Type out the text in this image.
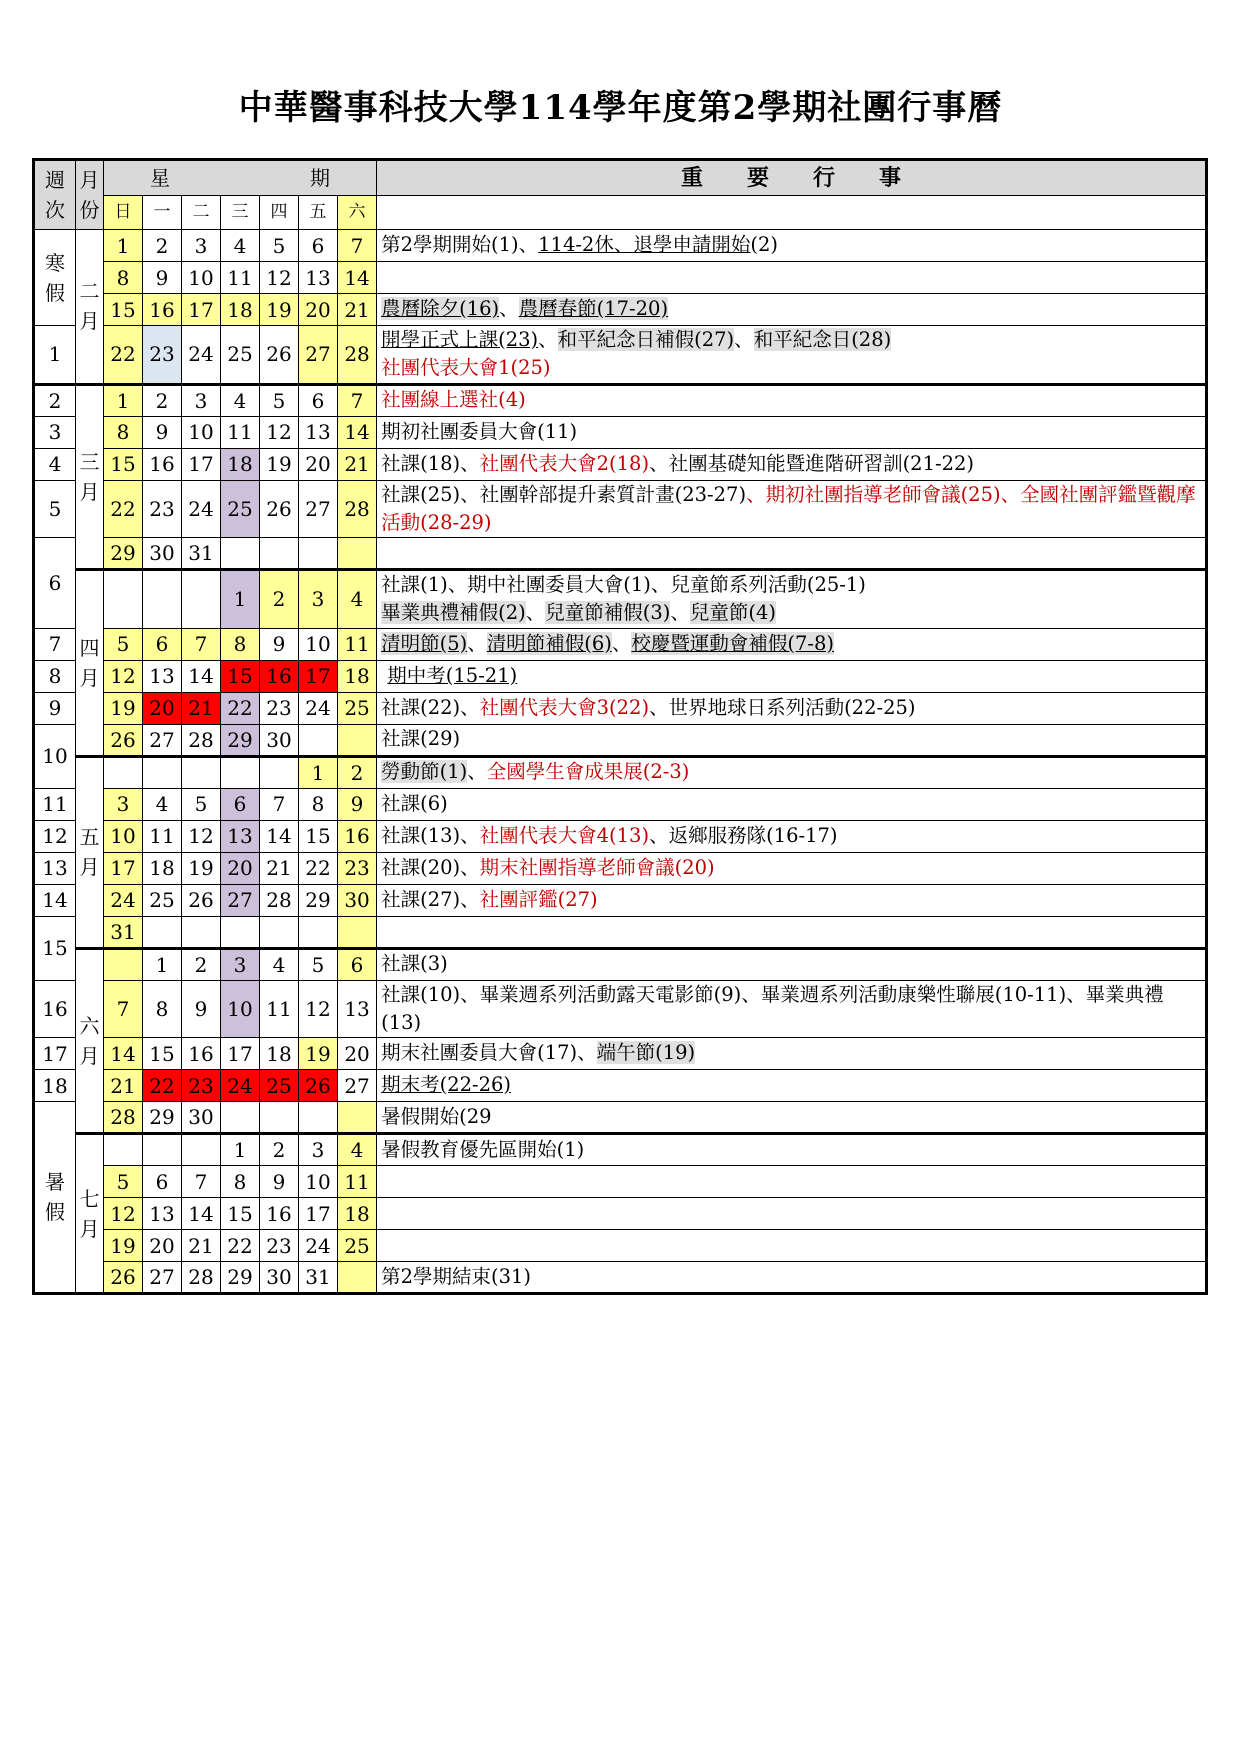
中華醫事科技大學114學年度第2學期社團行事曆
週次	月份	星　　　　　　　期							重　　要　　行　　事
		日	一	二	三	四	五	六	
寒假	二月	1	2	3	4	5	6	7	第2學期開始(1)、114-2休、退學申請開始(2)
		8	9	10	11	12	13	14	
		15	16	17	18	19	20	21	農曆除夕(16)、農曆春節(17-20)
1		22	23	24	25	26	27	28	開學正式上課(23)、和平紀念日補假(27)、和平紀念日(28)
社團代表大會1(25)
2	三月	1	2	3	4	5	6	7	社團線上選社(4)
3		8	9	10	11	12	13	14	期初社團委員大會(11)
4		15	16	17	18	19	20	21	社課(18)、社團代表大會2(18)、社團基礎知能暨進階研習訓(21-22)
5		22	23	24	25	26	27	28	社課(25)、社團幹部提升素質計畫(23-27)、期初社團指導老師會議(25)、全國社團評鑑暨觀摩活動(28-29)
6		29	30	31					
	四月				1	2	3	4	社課(1)、期中社團委員大會(1)、兒童節系列活動(25-1)
畢業典禮補假(2)、兒童節補假(3)、兒童節(4)
7		5	6	7	8	9	10	11	清明節(5)、清明節補假(6)、校慶暨運動會補假(7-8)
8		12	13	14	15	16	17	18	期中考(15-21)
9		19	20	21	22	23	24	25	社課(22)、社團代表大會3(22)、世界地球日系列活動(22-25)
10		26	27	28	29	30			社課(29)
	五月						1	2	勞動節(1)、全國學生會成果展(2-3)
11		3	4	5	6	7	8	9	社課(6)
12		10	11	12	13	14	15	16	社課(13)、社團代表大會4(13)、返鄉服務隊(16-17)
13		17	18	19	20	21	22	23	社課(20)、期末社團指導老師會議(20)
14		24	25	26	27	28	29	30	社課(27)、社團評鑑(27)
15		31							
	六月		1	2	3	4	5	6	社課(3)
16		7	8	9	10	11	12	13	社課(10)、畢業週系列活動露天電影節(9)、畢業週系列活動康樂性聯展(10-11)、畢業典禮(13)
17		14	15	16	17	18	19	20	期末社團委員大會(17)、端午節(19)
18		21	22	23	24	25	26	27	期末考(22-26)
暑假		28	29	30					暑假開始(29
	七月				1	2	3	4	暑假教育優先區開始(1)
		5	6	7	8	9	10	11	
		12	13	14	15	16	17	18	
		19	20	21	22	23	24	25	
		26	27	28	29	30	31		第2學期結束(31)
